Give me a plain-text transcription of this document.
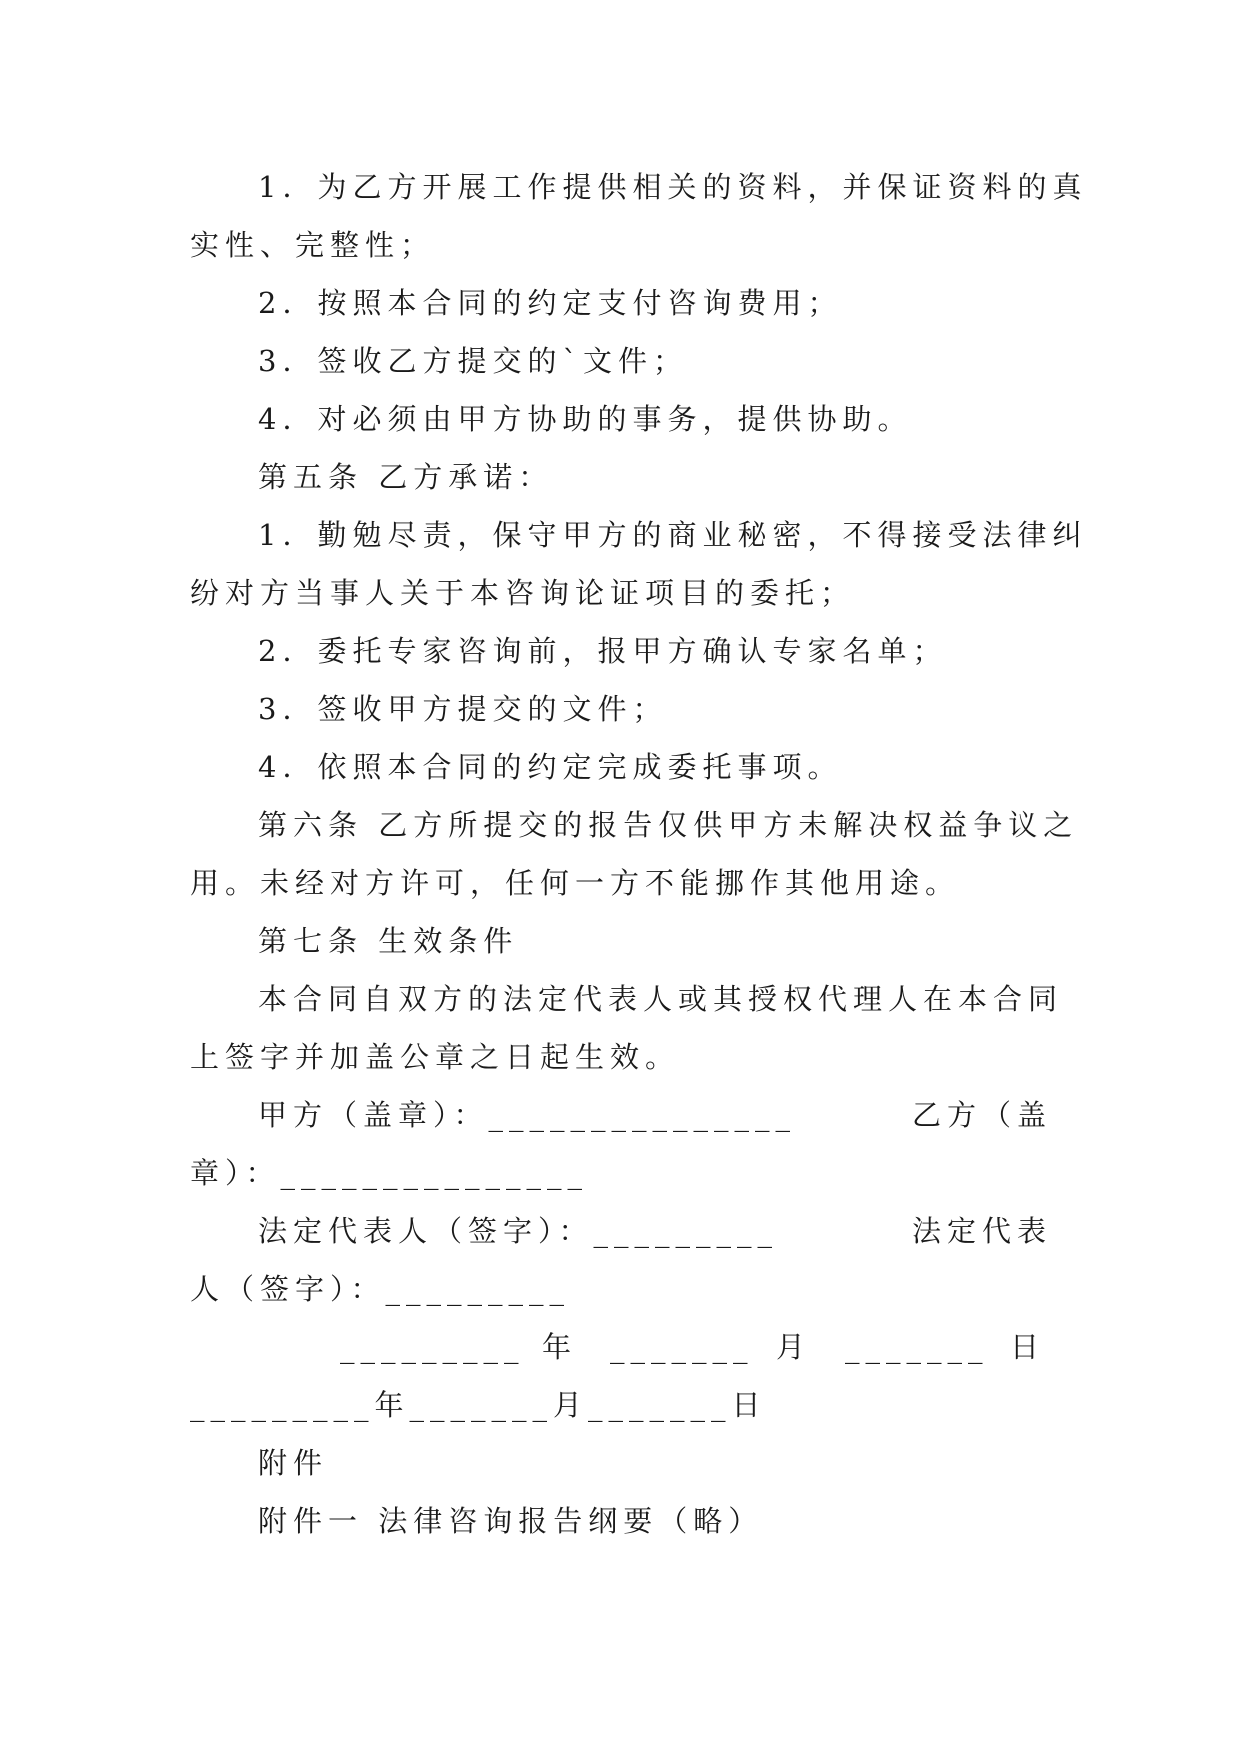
1．为乙方开展工作提供相关的资料，并保证资料的真
实性、完整性；
2．按照本合同的约定支付咨询费用；
3．签收乙方提交的`文件；
4．对必须由甲方协助的事务，提供协助。
第五条 乙方承诺：
1．勤勉尽责，保守甲方的商业秘密，不得接受法律纠
纷对方当事人关于本咨询论证项目的委托；
2．委托专家咨询前，报甲方确认专家名单；
3．签收甲方提交的文件；
4．依照本合同的约定完成委托事项。
第六条 乙方所提交的报告仅供甲方未解决权益争议之
用。未经对方许可，任何一方不能挪作其他用途。
第七条 生效条件
本合同自双方的法定代表人或其授权代理人在本合同
上签字并加盖公章之日起生效。
甲方（盖章）：_______________	乙方（盖
章）：_______________
法定代表人（签字）：_________	法定代表
人（签字）：_________
_________ 年 _______ 月 _______ 日
_________年_______月_______日
附件
附件一 法律咨询报告纲要（略）
